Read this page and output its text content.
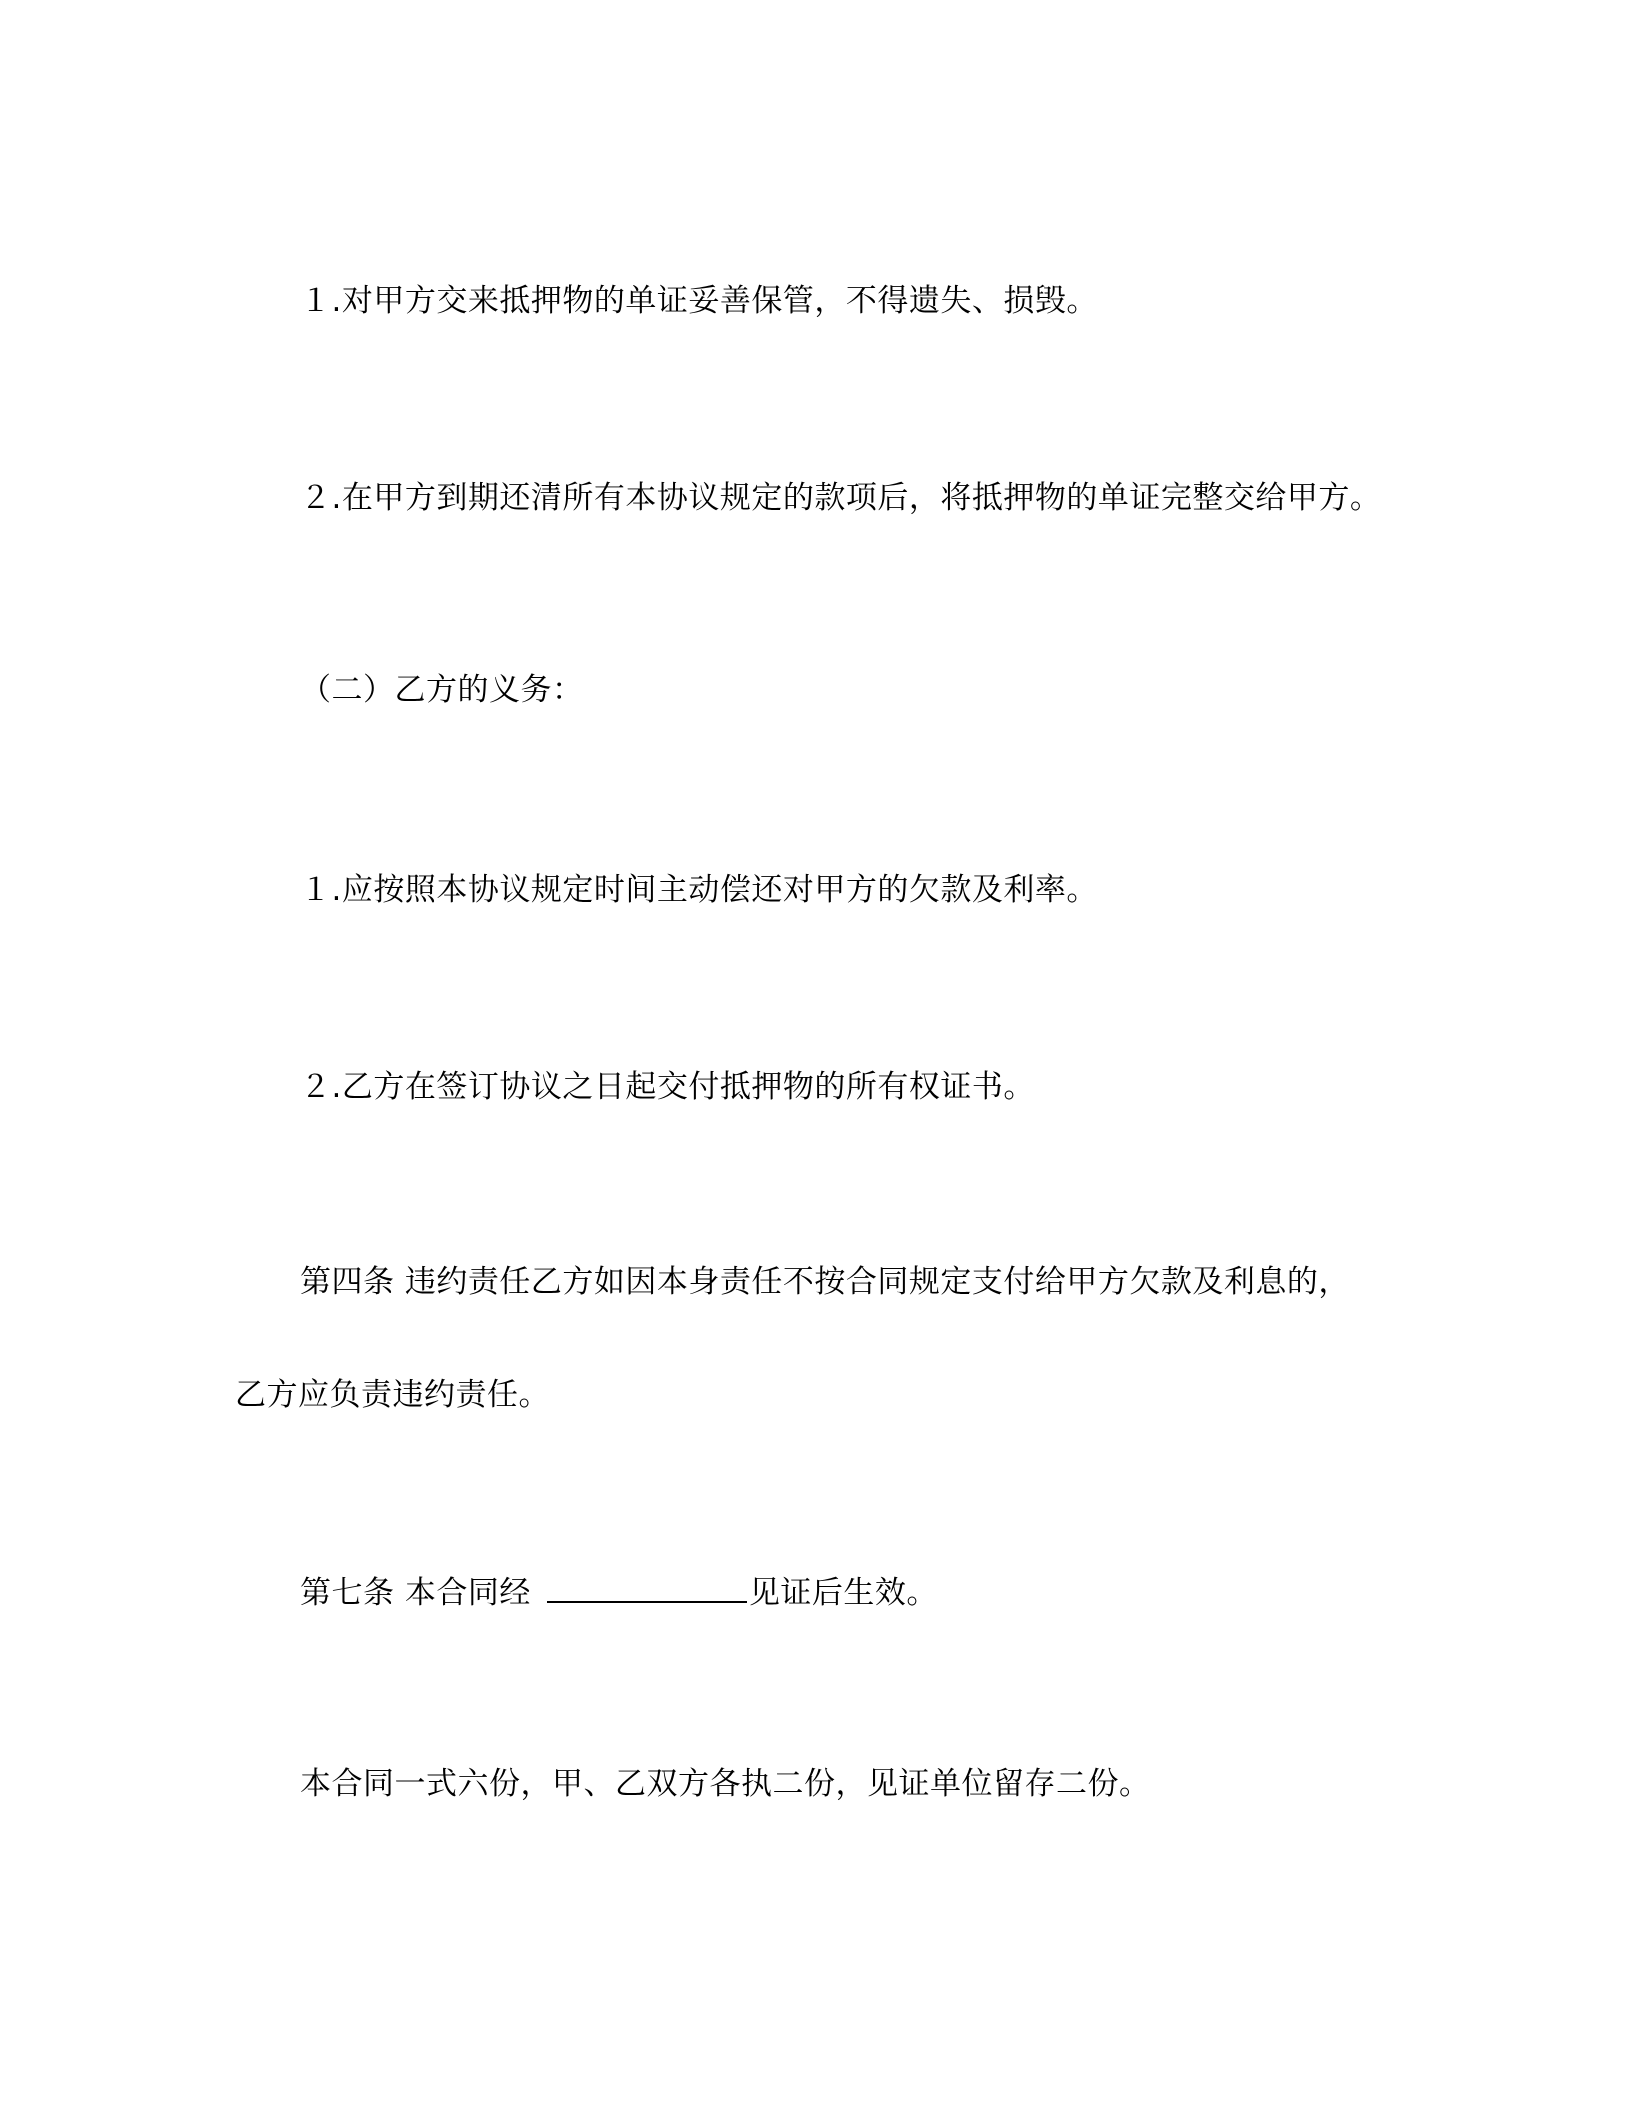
１.对甲方交来抵押物的单证妥善保管，不得遗失、损毁。
２.在甲方到期还清所有本协议规定的款项后，将抵押物的单证完整交给甲方。
（二）乙方的义务：
１.应按照本协议规定时间主动偿还对甲方的欠款及利率。
２.乙方在签订协议之日起交付抵押物的所有权证书。
第四条 违约责任乙方如因本身责任不按合同规定支付给甲方欠款及利息的，
乙方应负责违约责任。
第七条 本合同经	见证后生效。
本合同一式六份，甲、乙双方各执二份，见证单位留存二份。
